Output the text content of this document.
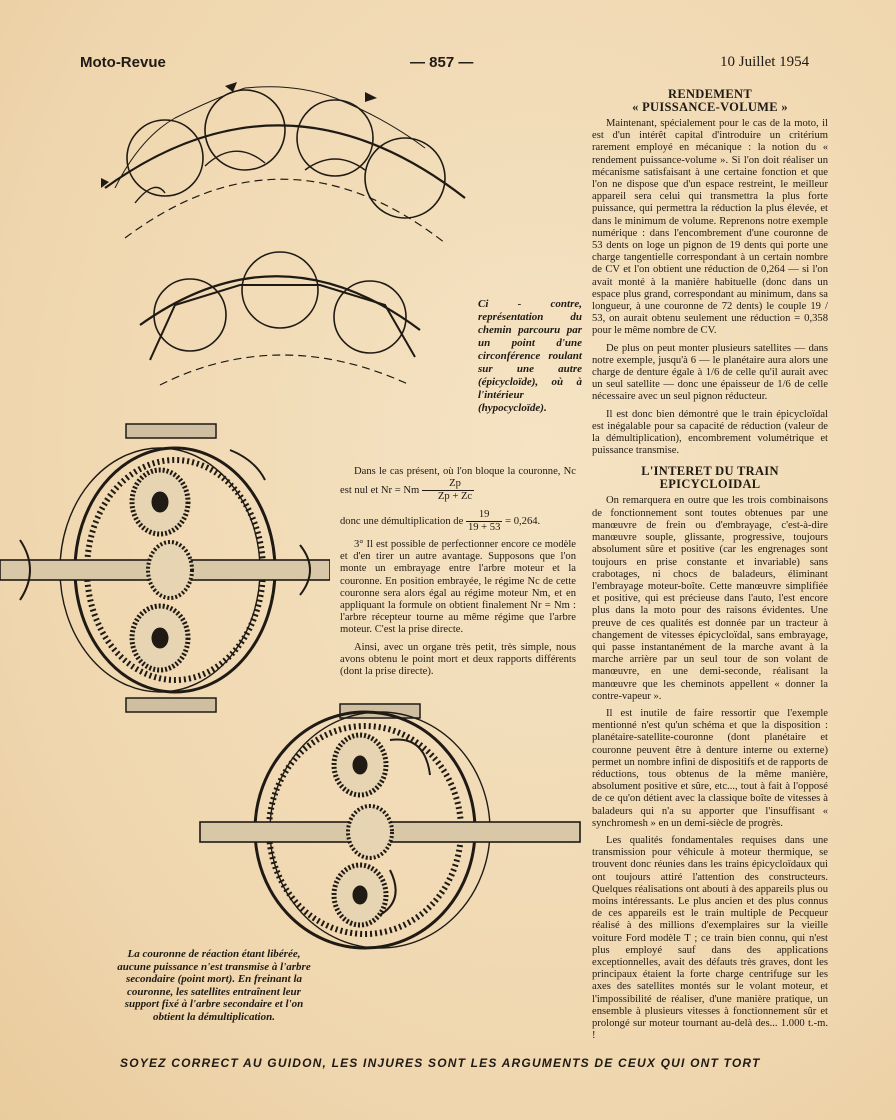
Moto-Revue	— 857 —	10 Juillet 1954
Ci - contre, représentation du chemin parcouru par un point d'une circonférence roulant sur une autre (épicycloïde), où à l'intérieur (hypocycloïde).

Dans le cas présent, où l'on bloque la couronne, Nc est nul et Nr = Nm $\frac{Zp}{Zp + Zc}$

donc une démultiplication de $\frac{19}{19 + 53} = 0,264$.

3° Il est possible de perfectionner encore ce modèle et d'en tirer un autre avantage. Supposons que l'on monte un embrayage entre l'arbre moteur et la couronne. En position embrayée, le régime Nc de cette couronne sera alors égal au régime moteur Nm, et en appliquant la formule on obtient finalement Nr = Nm : l'arbre récepteur tourne au même régime que l'arbre moteur. C'est la prise directe.

Ainsi, avec un organe très petit, très simple, nous avons obtenu le point mort et deux rapports différents (dont la prise directe).

La couronne de réaction étant libérée, aucune puissance n'est transmise à l'arbre secondaire (point mort). En freinant la couronne, les satellites entraînent leur support fixé à l'arbre secondaire et l'on obtient la démultiplication.
RENDEMENT
« PUISSANCE-VOLUME »

Maintenant, spécialement pour le cas de la moto, il est d'un intérêt capital d'introduire un critérium rarement employé en mécanique : la notion du « rendement puissance-volume ». Si l'on doit réaliser un mécanisme satisfaisant à une certaine fonction et que l'on ne dispose que d'un espace restreint, le meilleur appareil sera celui qui transmettra la plus forte puissance, qui permettra la réduction la plus élevée, et dans le minimum de volume. Reprenons notre exemple numérique : dans l'encombrement d'une couronne de 53 dents on loge un pignon de 19 dents qui porte une charge tangentielle correspondant à un certain nombre de CV et l'on obtient une réduction de 0,264 — si l'on avait monté à la manière habituelle (donc dans un espace plus grand, correspondant au minimum, dans sa longueur, à une couronne de 72 dents) le couple 19 / 53, on aurait obtenu seulement une réduction = 0,358 pour le même nombre de CV.

De plus on peut monter plusieurs satellites — dans notre exemple, jusqu'à 6 — le planétaire aura alors une charge de denture égale à 1/6 de celle qu'il aurait avec un seul satellite — donc une épaisseur de 1/6 de celle nécessaire avec un seul pignon réducteur.

Il est donc bien démontré que le train épicycloïdal est inégalable pour sa capacité de réduction (valeur de la démultiplication), encombrement volumétrique et puissance transmise.

L'INTERET DU TRAIN
EPICYCLOIDAL

On remarquera en outre que les trois combinaisons de fonctionnement sont toutes obtenues par une manœuvre de frein ou d'embrayage, c'est-à-dire manœuvre souple, glissante, progressive, toujours absolument sûre et positive (car les engrenages sont toujours en prise constante et invariable) sans crabotages, ni chocs de baladeurs, éliminant l'embrayage moteur-boîte. Cette manœuvre simplifiée et positive, qui est précieuse dans l'auto, l'est encore plus dans la moto pour des raisons évidentes. Une preuve de ces qualités est donnée par un tracteur à changement de vitesses épicycloïdal, sans embrayage, qui passe instantanément de la marche avant à la marche arrière par un seul tour de son volant de manœuvre, en une demi-seconde, réalisant la manœuvre que les cheminots appellent « donner la contre-vapeur ».

Il est inutile de faire ressortir que l'exemple mentionné n'est qu'un schéma et que la disposition : planétaire-satellite-couronne (dont planétaire et couronne peuvent être à denture interne ou externe) permet un nombre infini de dispositifs et de rapports de réductions, tous obtenus de la même manière, absolument positive et sûre, etc..., tout à fait à l'opposé de ce qu'on détient avec la classique boîte de vitesses à baladeurs qui n'a su apporter que l'insuffisant « synchromesh » en un demi-siècle de progrès.

Les qualités fondamentales requises dans une transmission pour véhicule à moteur thermique, se trouvent donc réunies dans les trains épicycloïdaux qui ont toujours attiré l'attention des constructeurs. Quelques réalisations ont abouti à des appareils plus ou moins intéressants. Le plus ancien et des plus connus de ces appareils est le train multiple de Pecqueur réalisé à des millions d'exemplaires sur la vieille voiture Ford modèle T ; ce train bien connu, qui n'est plus employé sauf dans des applications exceptionnelles, avait des défauts très graves, dont les principaux étaient la forte charge centrifuge sur les axes des satellites montés sur le volant moteur, et l'impossibilité de réaliser, d'une manière pratique, un ensemble à plusieurs vitesses à fonctionnement sûr et prolongé sur moteur tournant au-delà des... 1.000 t.-m. !

SOYEZ CORRECT AU GUIDON, LES INJURES SONT LES ARGUMENTS DE CEUX QUI ONT TORT
